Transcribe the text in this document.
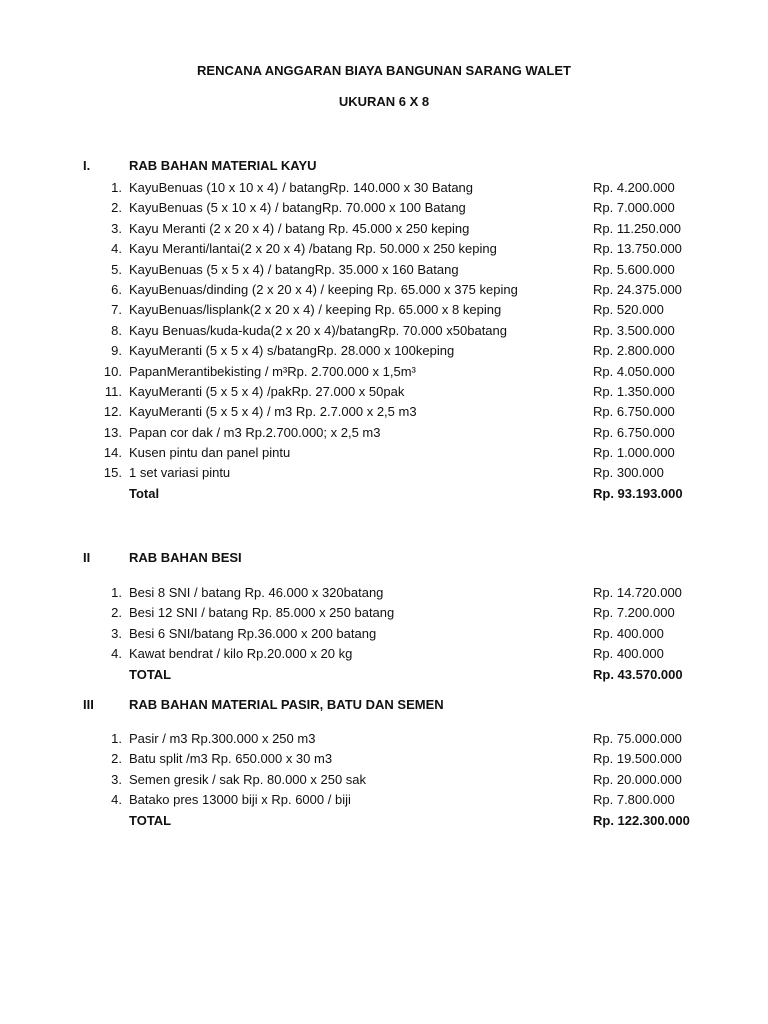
RENCANA ANGGARAN BIAYA BANGUNAN SARANG WALET
UKURAN 6 X 8
I.	RAB BAHAN MATERIAL KAYU
1. KayuBenuas (10 x 10 x 4) / batangRp. 140.000 x 30 Batang	Rp. 4.200.000
2. KayuBenuas (5 x 10 x 4) / batangRp. 70.000 x 100 Batang	Rp. 7.000.000
3. Kayu Meranti (2 x 20 x 4) / batang Rp. 45.000 x 250 keping	Rp. 11.250.000
4. Kayu Meranti/lantai(2 x 20 x 4) /batang Rp. 50.000 x 250 keping	Rp. 13.750.000
5. KayuBenuas (5 x 5 x 4) / batangRp. 35.000 x 160 Batang	Rp. 5.600.000
6. KayuBenuas/dinding (2 x 20 x 4) / keeping Rp. 65.000 x 375 keping	Rp. 24.375.000
7. KayuBenuas/lisplank(2 x 20 x 4) / keeping Rp. 65.000 x 8 keping	Rp. 520.000
8. Kayu Benuas/kuda-kuda(2 x 20 x 4)/batangRp. 70.000 x50batang	Rp. 3.500.000
9. KayuMeranti (5 x 5 x 4) s/batangRp. 28.000 x 100keping	Rp. 2.800.000
10. PapanMerantibekisting / m³Rp. 2.700.000 x 1,5m³	Rp. 4.050.000
11. KayuMeranti (5 x 5 x 4) /pakRp. 27.000 x 50pak	Rp. 1.350.000
12. KayuMeranti (5 x 5 x 4) / m3 Rp. 2.7.000 x 2,5 m3	Rp. 6.750.000
13. Papan cor dak / m3 Rp.2.700.000; x 2,5 m3	Rp. 6.750.000
14. Kusen pintu dan panel pintu	Rp. 1.000.000
15. 1 set variasi pintu	Rp. 300.000
Total	Rp. 93.193.000
II	RAB BAHAN BESI
1. Besi 8 SNI / batang Rp. 46.000 x 320batang	Rp. 14.720.000
2. Besi 12 SNI / batang Rp. 85.000 x 250 batang	Rp. 7.200.000
3. Besi 6 SNI/batang Rp.36.000 x 200 batang	Rp. 400.000
4. Kawat bendrat / kilo Rp.20.000 x 20 kg	Rp. 400.000
TOTAL	Rp. 43.570.000
III	RAB BAHAN MATERIAL PASIR, BATU DAN SEMEN
1. Pasir / m3 Rp.300.000 x 250 m3	Rp. 75.000.000
2. Batu split /m3 Rp. 650.000 x 30 m3	Rp. 19.500.000
3. Semen gresik / sak Rp. 80.000 x 250 sak	Rp. 20.000.000
4. Batako pres 13000 biji x Rp. 6000 / biji	Rp. 7.800.000
TOTAL	Rp. 122.300.000
